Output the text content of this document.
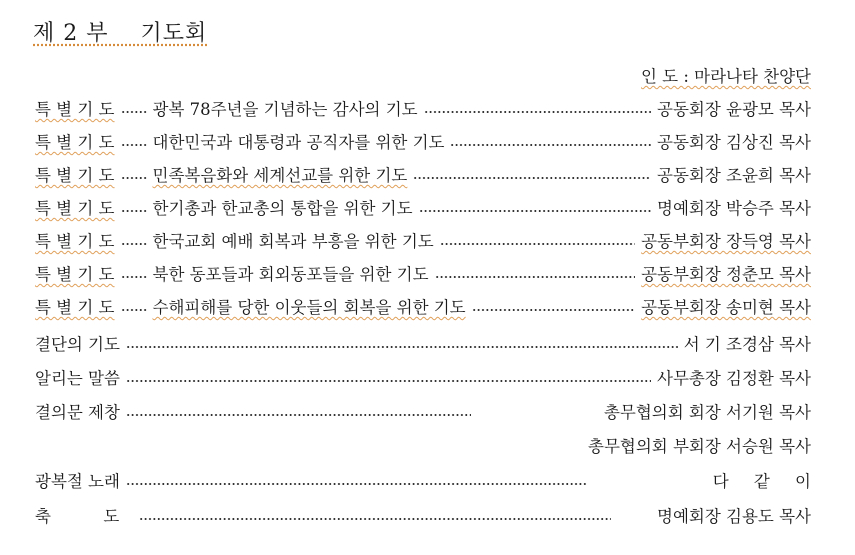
제 2 부    기도회
인 도 : 마라나타 찬양단
특 별 기 도 광복 78주년을 기념하는 감사의 기도	공동회장 윤광모 목사
특 별 기 도 대한민국과 대통령과 공직자를 위한 기도	공동회장 김상진 목사
특 별 기 도 민족복음화와 세계선교를 위한 기도	공동회장 조윤희 목사
특 별 기 도 한기총과 한교총의 통합을 위한 기도	명예회장 박승주 목사
특 별 기 도 한국교회 예배 회복과 부흥을 위한 기도	공동부회장 장득영 목사
특 별 기 도 북한 동포들과 회외동포들을 위한 기도	공동부회장 정춘모 목사
특 별 기 도 수해피해를 당한 이웃들의 회복을 위한 기도	공동부회장 송미현 목사
결단의 기도	서 기 조경삼 목사
알리는 말씀	사무총장 김정환 목사
결의문 제창	총무협의회 회장 서기원 목사
총무협의회 부회장 서승원 목사
광복절 노래	다 같 이
축  도	명예회장 김용도 목사
